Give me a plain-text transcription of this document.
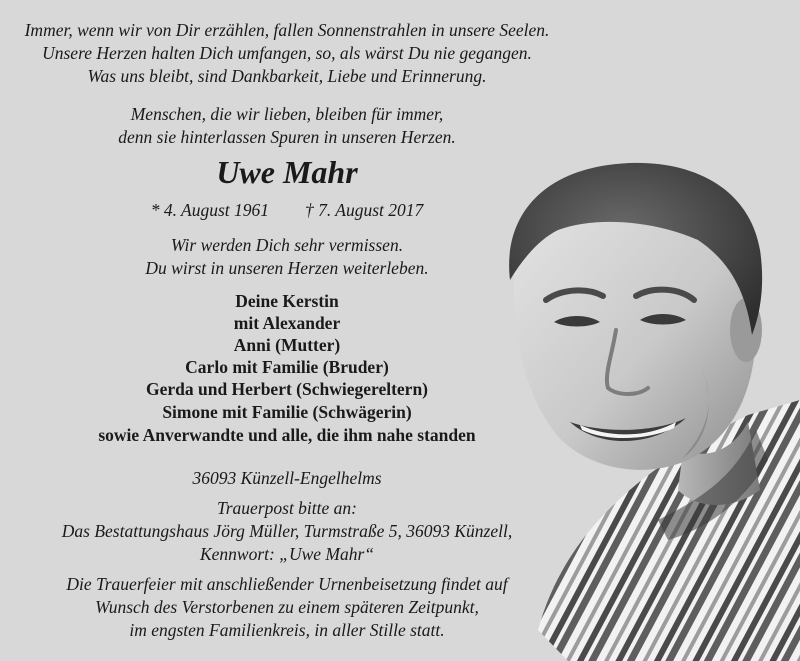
Immer, wenn wir von Dir erzählen, fallen Sonnenstrahlen in unsere Seelen.
Unsere Herzen halten Dich umfangen, so, als wärst Du nie gegangen.
Was uns bleibt, sind Dankbarkeit, Liebe und Erinnerung.
Menschen, die wir lieben, bleiben für immer,
denn sie hinterlassen Spuren in unseren Herzen.
Uwe Mahr
* 4. August 1961 † 7. August 2017
Wir werden Dich sehr vermissen.
Du wirst in unseren Herzen weiterleben.
Deine Kerstin
mit Alexander
Anni (Mutter)
Carlo mit Familie (Bruder)
Gerda und Herbert (Schwiegereltern)
Simone mit Familie (Schwägerin)
sowie Anverwandte und alle, die ihm nahe standen
36093 Künzell-Engelhelms
Trauerpost bitte an:
Das Bestattungshaus Jörg Müller, Turmstraße 5, 36093 Künzell,
Kennwort: „Uwe Mahr“
Die Trauerfeier mit anschließender Urnenbeisetzung findet auf
Wunsch des Verstorbenen zu einem späteren Zeitpunkt,
im engsten Familienkreis, in aller Stille statt.
